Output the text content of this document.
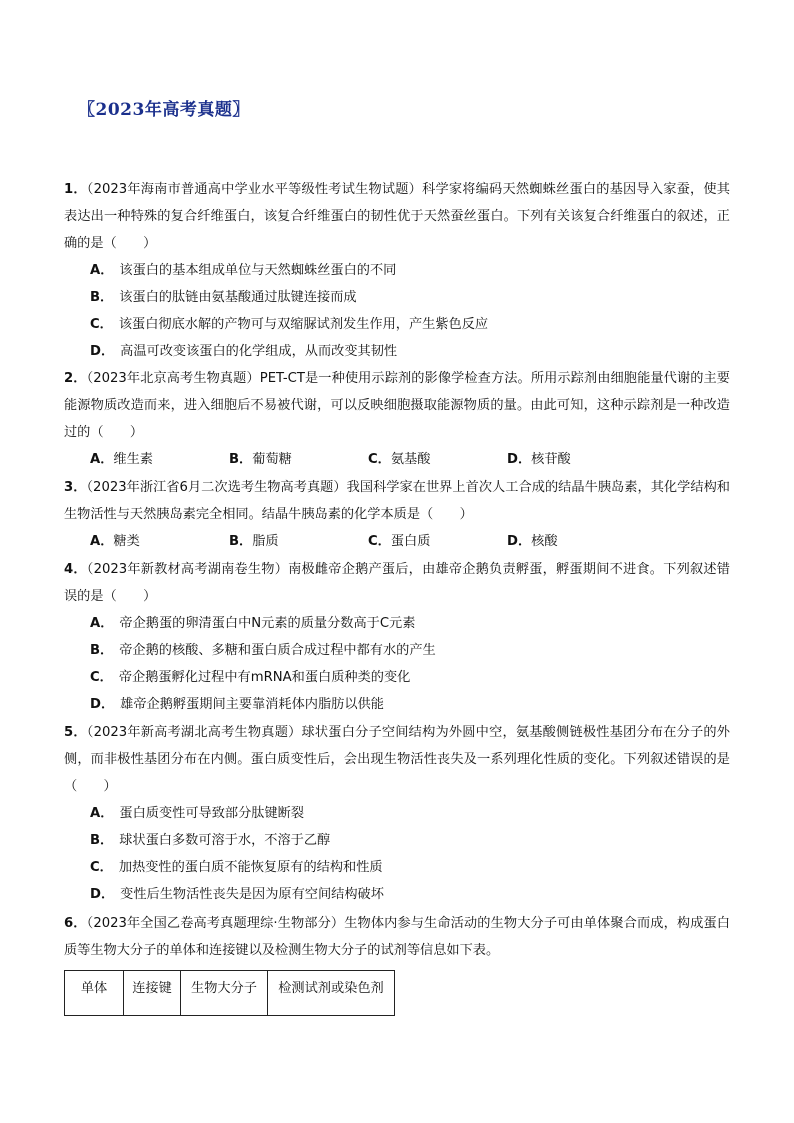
〖2023年高考真题〗
1．（2023年海南市普通高中学业水平等级性考试生物试题）科学家将编码天然蜘蛛丝蛋白的基因导入家蚕，使其表达出一种特殊的复合纤维蛋白，该复合纤维蛋白的韧性优于天然蚕丝蛋白。下列有关该复合纤维蛋白的叙述，正确的是（　　）
A． 该蛋白的基本组成单位与天然蜘蛛丝蛋白的不同
B． 该蛋白的肽链由氨基酸通过肽键连接而成
C． 该蛋白彻底水解的产物可与双缩脲试剂发生作用，产生紫色反应
D． 高温可改变该蛋白的化学组成，从而改变其韧性
2．（2023年北京高考生物真题）PET-CT是一种使用示踪剂的影像学检查方法。所用示踪剂由细胞能量代谢的主要能源物质改造而来，进入细胞后不易被代谢，可以反映细胞摄取能源物质的量。由此可知，这种示踪剂是一种改造过的（　　）
A．维生素	B．葡萄糖	C．氨基酸	D．核苷酸
3．（2023年浙江省6月二次选考生物高考真题）我国科学家在世界上首次人工合成的结晶牛胰岛素，其化学结构和生物活性与天然胰岛素完全相同。结晶牛胰岛素的化学本质是（　　）
A．糖类	B．脂质	C．蛋白质	D．核酸
4．（2023年新教材高考湖南卷生物）南极雌帝企鹅产蛋后，由雄帝企鹅负责孵蛋，孵蛋期间不进食。下列叙述错误的是（　　）
A． 帝企鹅蛋的卵清蛋白中N元素的质量分数高于C元素
B． 帝企鹅的核酸、多糖和蛋白质合成过程中都有水的产生
C． 帝企鹅蛋孵化过程中有mRNA和蛋白质种类的变化
D． 雄帝企鹅孵蛋期间主要靠消耗体内脂肪以供能
5．（2023年新高考湖北高考生物真题）球状蛋白分子空间结构为外圆中空，氨基酸侧链极性基团分布在分子的外侧，而非极性基团分布在内侧。蛋白质变性后，会出现生物活性丧失及一系列理化性质的变化。下列叙述错误的是（　　）
A． 蛋白质变性可导致部分肽键断裂
B． 球状蛋白多数可溶于水，不溶于乙醇
C． 加热变性的蛋白质不能恢复原有的结构和性质
D． 变性后生物活性丧失是因为原有空间结构破坏
6．（2023年全国乙卷高考真题理综·生物部分）生物体内参与生命活动的生物大分子可由单体聚合而成，构成蛋白质等生物大分子的单体和连接键以及检测生物大分子的试剂等信息如下表。
单体	连接键	生物大分子	检测试剂或染色剂
